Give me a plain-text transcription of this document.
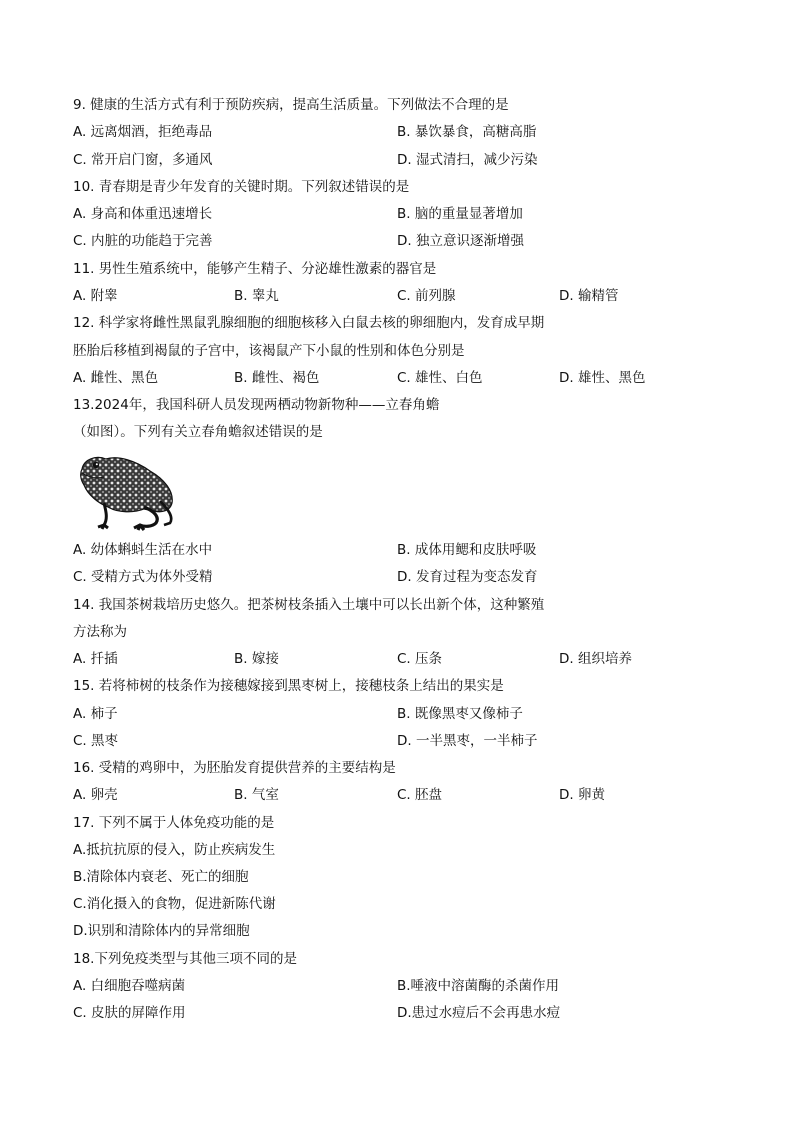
9. 健康的生活方式有利于预防疾病，提高生活质量。下列做法不合理的是
A. 远离烟酒，拒绝毒品	B. 暴饮暴食，高糖高脂
C. 常开启门窗，多通风	D. 湿式清扫，减少污染
10. 青春期是青少年发育的关键时期。下列叙述错误的是
A. 身高和体重迅速增长	B. 脑的重量显著增加
C. 内脏的功能趋于完善	D. 独立意识逐渐增强
11. 男性生殖系统中，能够产生精子、分泌雄性激素的器官是
A. 附睾	B. 睾丸	C. 前列腺	D. 输精管
12. 科学家将雌性黑鼠乳腺细胞的细胞核移入白鼠去核的卵细胞内，发育成早期
胚胎后移植到褐鼠的子宫中，该褐鼠产下小鼠的性别和体色分别是
A. 雌性、黑色	B. 雌性、褐色	C. 雄性、白色	D. 雄性、黑色
13.2024年，我国科研人员发现两栖动物新物种——立春角蟾
（如图）。下列有关立春角蟾叙述错误的是
A. 幼体蝌蚪生活在水中	B. 成体用鳃和皮肤呼吸
C. 受精方式为体外受精	D. 发育过程为变态发育
14. 我国茶树栽培历史悠久。把茶树枝条插入土壤中可以长出新个体，这种繁殖
方法称为
A. 扦插	B. 嫁接	C. 压条	D. 组织培养
15. 若将柿树的枝条作为接穗嫁接到黑枣树上，接穗枝条上结出的果实是
A. 柿子	B. 既像黑枣又像柿子
C. 黑枣	D. 一半黑枣，一半柿子
16. 受精的鸡卵中，为胚胎发育提供营养的主要结构是
A. 卵壳	B. 气室	C. 胚盘	D. 卵黄
17. 下列不属于人体免疫功能的是
A.抵抗抗原的侵入，防止疾病发生
B.清除体内衰老、死亡的细胞
C.消化摄入的食物，促进新陈代谢
D.识别和清除体内的异常细胞
18.下列免疫类型与其他三项不同的是
A. 白细胞吞噬病菌	B.唾液中溶菌酶的杀菌作用
C. 皮肤的屏障作用	D.患过水痘后不会再患水痘
